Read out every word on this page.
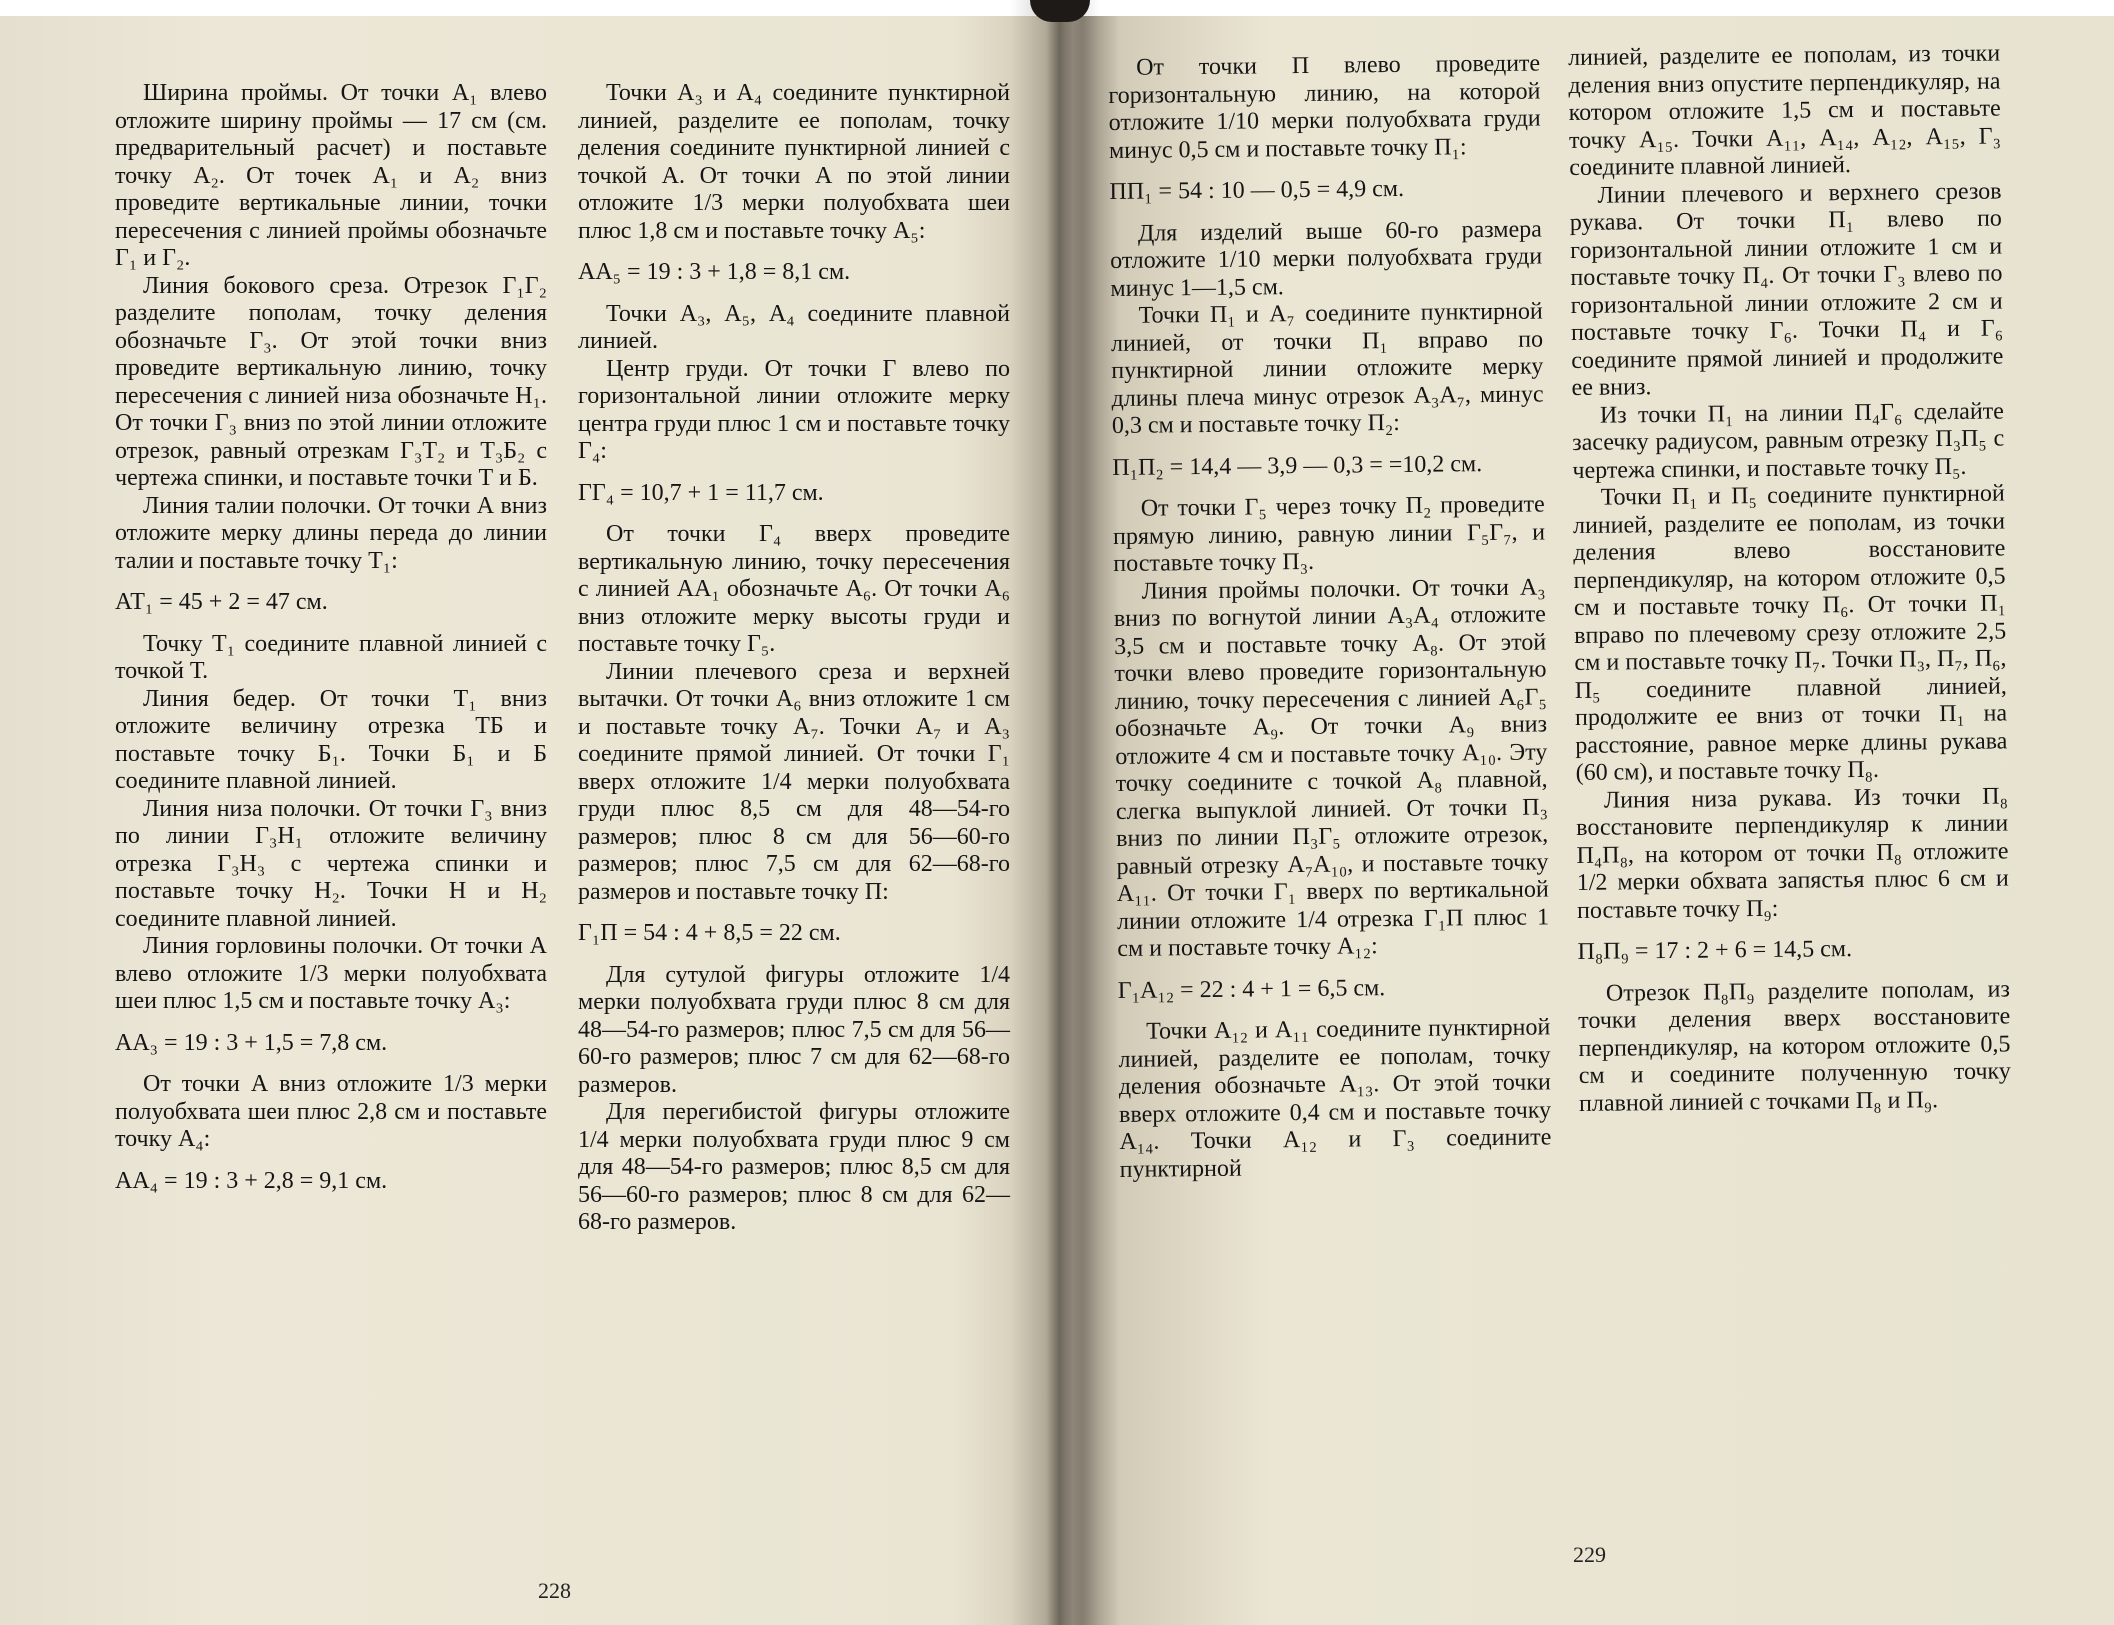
Ширина проймы. От точки А₁ влево отложите ширину проймы — 17 см (см. предварительный расчет) и поставьте точку А₂. От точек А₁ и А₂ вниз проведите вертикальные линии, точки пересечения с линией проймы обозначьте Г₁ и Г₂.

Линия бокового среза. Отрезок Г₁Г₂ разделите пополам, точку деления обозначьте Г₃. От этой точки вниз проведите вертикальную линию, точку пересечения с линией низа обозначьте Н₁. От точки Г₃ вниз по этой линии отложите отрезок, равный отрезкам Г₃Т₂ и Т₃Б₂ с чертежа спинки, и поставьте точки Т и Б.

Линия талии полочки. От точки А вниз отложите мерку длины переда до линии талии и поставьте точку Т₁:

АТ₁ = 45 + 2 = 47 см.

Точку Т₁ соедините плавной линией с точкой Т.

Линия бедер. От точки Т₁ вниз отложите величину отрезка ТБ и поставьте точку Б₁. Точки Б₁ и Б соедините плавной линией.

Линия низа полочки. От точки Г₃ вниз по линии Г₃Н₁ отложите величину отрезка Г₃Н₃ с чертежа спинки и поставьте точку Н₂. Точки Н и Н₂ соедините плавной линией.

Линия горловины полочки. От точки А влево отложите 1/3 мерки полуобхвата шеи плюс 1,5 см и поставьте точку А₃:

АА₃ = 19 : 3 + 1,5 = 7,8 см.

От точки А вниз отложите 1/3 мерки полуобхвата шеи плюс 2,8 см и поставьте точку А₄:

АА₄ = 19 : 3 + 2,8 = 9,1 см.

Точки А₃ и А₄ соедините пунктирной линией, разделите ее пополам, точку деления соедините пунктирной линией с точкой А. От точки А по этой линии отложите 1/3 мерки полуобхвата шеи плюс 1,8 см и поставьте точку А₅:

АА₅ = 19 : 3 + 1,8 = 8,1 см.

Точки А₃, А₅, А₄ соедините плавной линией.

Центр груди. От точки Г влево по горизонтальной линии отложите мерку центра груди плюс 1 см и поставьте точку Г₄:

ГГ₄ = 10,7 + 1 = 11,7 см.

От точки Г₄ вверх проведите вертикальную линию, точку пересечения с линией АА₁ обозначьте А₆. От точки А₆ вниз отложите мерку высоты груди и поставьте точку Г₅.

Линии плечевого среза и верхней вытачки. От точки А₆ вниз отложите 1 см и поставьте точку А₇. Точки А₇ и А₃ соедините прямой линией. От точки Г₁ вверх отложите 1/4 мерки полуобхвата груди плюс 8,5 см для 48—54-го размеров; плюс 8 см для 56—60-го размеров; плюс 7,5 см для 62—68-го размеров и поставьте точку П:

Г₁П = 54 : 4 + 8,5 = 22 см.

Для сутулой фигуры отложите 1/4 мерки полуобхвата груди плюс 8 см для 48—54-го размеров; плюс 7,5 см для 56—60-го размеров; плюс 7 см для 62—68-го размеров.

Для перегибистой фигуры отложите 1/4 мерки полуобхвата груди плюс 9 см для 48—54-го размеров; плюс 8,5 см для 56—60-го размеров; плюс 8 см для 62—68-го размеров.

228

От точки П влево проведите горизонтальную линию, на которой отложите 1/10 мерки полуобхвата груди минус 0,5 см и поставьте точку П₁:

ПП₁ = 54 : 10 — 0,5 = 4,9 см.

Для изделий выше 60-го размера отложите 1/10 мерки полуобхвата груди минус 1—1,5 см.

Точки П₁ и А₇ соедините пунктирной линией, от точки П₁ вправо по пунктирной линии отложите мерку длины плеча минус отрезок А₃А₇, минус 0,3 см и поставьте точку П₂:

П₁П₂ = 14,4 — 3,9 — 0,3 = =10,2 см.

От точки Г₅ через точку П₂ проведите прямую линию, равную линии Г₅Г₇, и поставьте точку П₃.

Линия проймы полочки. От точки А₃ вниз по вогнутой линии А₃А₄ отложите 3,5 см и поставьте точку А₈. От этой точки влево проведите горизонтальную линию, точку пересечения с линией А₆Г₅ обозначьте А₉. От точки А₉ вниз отложите 4 см и поставьте точку А₁₀. Эту точку соедините с точкой А₈ плавной, слегка выпуклой линией. От точки П₃ вниз по линии П₃Г₅ отложите отрезок, равный отрезку А₇А₁₀, и поставьте точку А₁₁. От точки Г₁ вверх по вертикальной линии отложите 1/4 отрезка Г₁П плюс 1 см и поставьте точку А₁₂:

Г₁А₁₂ = 22 : 4 + 1 = 6,5 см.

Точки А₁₂ и А₁₁ соедините пунктирной линией, разделите ее пополам, точку деления обозначьте А₁₃. От этой точки вверх отложите 0,4 см и поставьте точку А₁₄. Точки А₁₂ и Г₃ соедините пунктирной

линией, разделите ее пополам, из точки деления вниз опустите перпендикуляр, на котором отложите 1,5 см и поставьте точку А₁₅. Точки А₁₁, А₁₄, А₁₂, А₁₅, Г₃ соедините плавной линией.

Линии плечевого и верхнего срезов рукава. От точки П₁ влево по горизонтальной линии отложите 1 см и поставьте точку П₄. От точки Г₃ влево по горизонтальной линии отложите 2 см и поставьте точку Г₆. Точки П₄ и Г₆ соедините прямой линией и продолжите ее вниз.

Из точки П₁ на линии П₄Г₆ сделайте засечку радиусом, равным отрезку П₃П₅ с чертежа спинки, и поставьте точку П₅.

Точки П₁ и П₅ соедините пунктирной линией, разделите ее пополам, из точки деления влево восстановите перпендикуляр, на котором отложите 0,5 см и поставьте точку П₆. От точки П₁ вправо по плечевому срезу отложите 2,5 см и поставьте точку П₇. Точки П₃, П₇, П₆, П₅ соедините плавной линией, продолжите ее вниз от точки П₁ на расстояние, равное мерке длины рукава (60 см), и поставьте точку П₈.

Линия низа рукава. Из точки П₈ восстановите перпендикуляр к линии П₄П₈, на котором от точки П₈ отложите 1/2 мерки обхвата запястья плюс 6 см и поставьте точку П₉:

П₈П₉ = 17 : 2 + 6 = 14,5 см.

Отрезок П₈П₉ разделите пополам, из точки деления вверх восстановите перпендикуляр, на котором отложите 0,5 см и соедините полученную точку плавной линией с точками П₈ и П₉.

229
